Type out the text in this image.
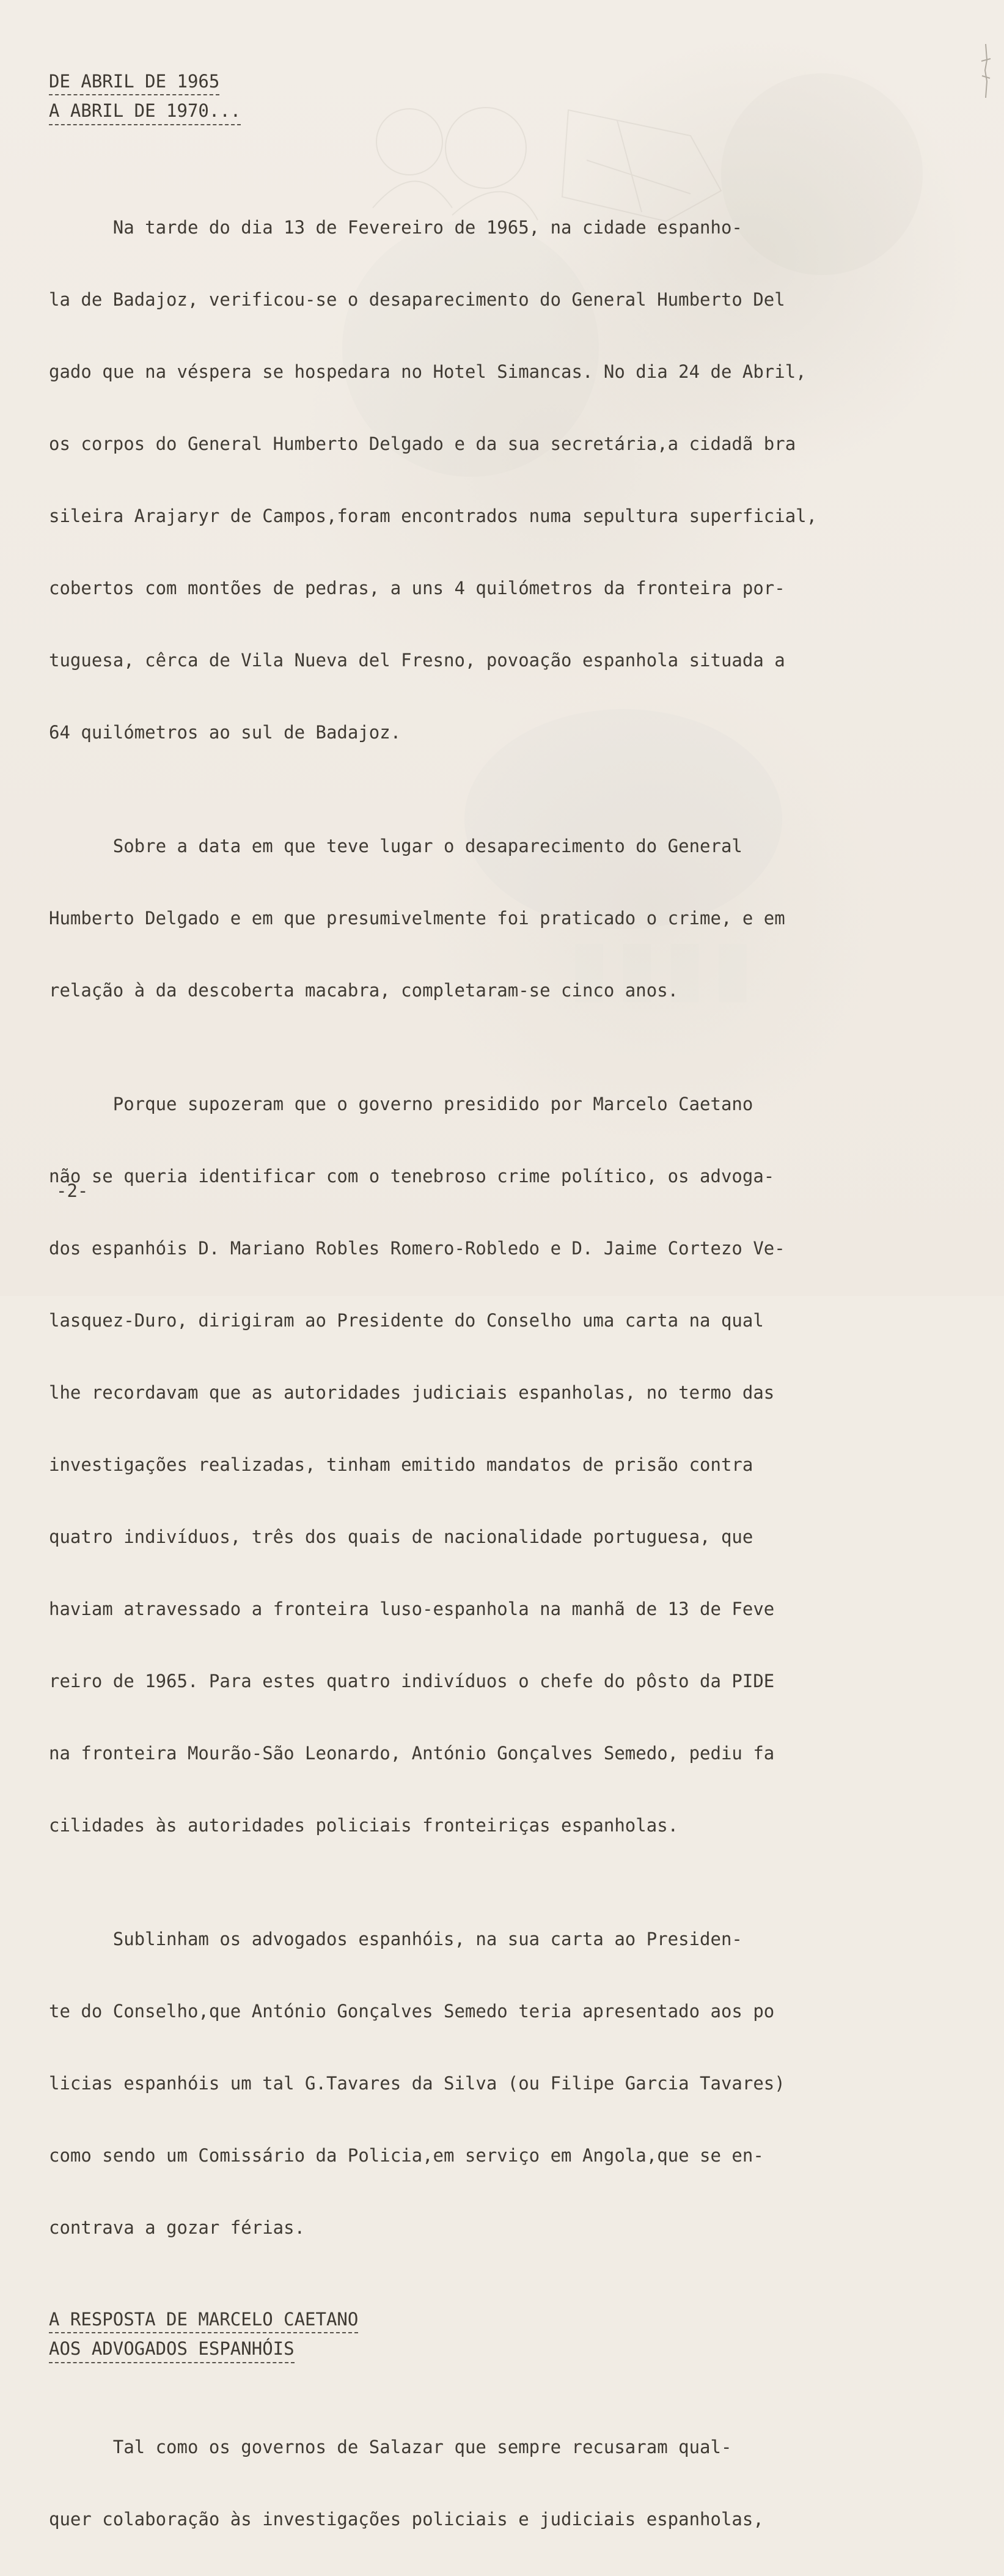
▮▮▮▮
DE ABRIL DE 1965
A ABRIL DE 1970...

Na tarde do dia 13 de Fevereiro de 1965, na cidade espanho-

la de Badajoz, verificou-se o desaparecimento do General Humberto Del

gado que na véspera se hospedara no Hotel Simancas. No dia 24 de Abril,

os corpos do General Humberto Delgado e da sua secretária,a cidadã bra

sileira Arajaryr de Campos,foram encontrados numa sepultura superficial,

cobertos com montões de pedras, a uns 4 quilómetros da fronteira por-

tuguesa, cêrca de Vila Nueva del Fresno, povoação espanhola situada a

64 quilómetros ao sul de Badajoz.

Sobre a data em que teve lugar o desaparecimento do General

Humberto Delgado e em que presumivelmente foi praticado o crime, e em

relação à da descoberta macabra, completaram-se cinco anos.

Porque supozeram que o governo presidido por Marcelo Caetano

não se queria identificar com o tenebroso crime político, os advoga-

dos espanhóis D. Mariano Robles Romero-Robledo e D. Jaime Cortezo Ve-

lasquez-Duro, dirigiram ao Presidente do Conselho uma carta na qual

lhe recordavam que as autoridades judiciais espanholas, no termo das

investigações realizadas, tinham emitido mandatos de prisão contra

quatro indivíduos, três dos quais de nacionalidade portuguesa, que

haviam atravessado a fronteira luso-espanhola na manhã de 13 de Feve

reiro de 1965. Para estes quatro indivíduos o chefe do pôsto da PIDE

na fronteira Mourão-São Leonardo, António Gonçalves Semedo, pediu fa

cilidades às autoridades policiais fronteiriças espanholas.

Sublinham os advogados espanhóis, na sua carta ao Presiden-

te do Conselho,que António Gonçalves Semedo teria apresentado aos po

licias espanhóis um tal G.Tavares da Silva (ou Filipe Garcia Tavares)

como sendo um Comissário da Policia,em serviço em Angola,que se en-

contrava a gozar férias.

A RESPOSTA DE MARCELO CAETANO
AOS ADVOGADOS ESPANHÓIS

Tal como os governos de Salazar que sempre recusaram qual-

quer colaboração às investigações policiais e judiciais espanholas,

-2-
